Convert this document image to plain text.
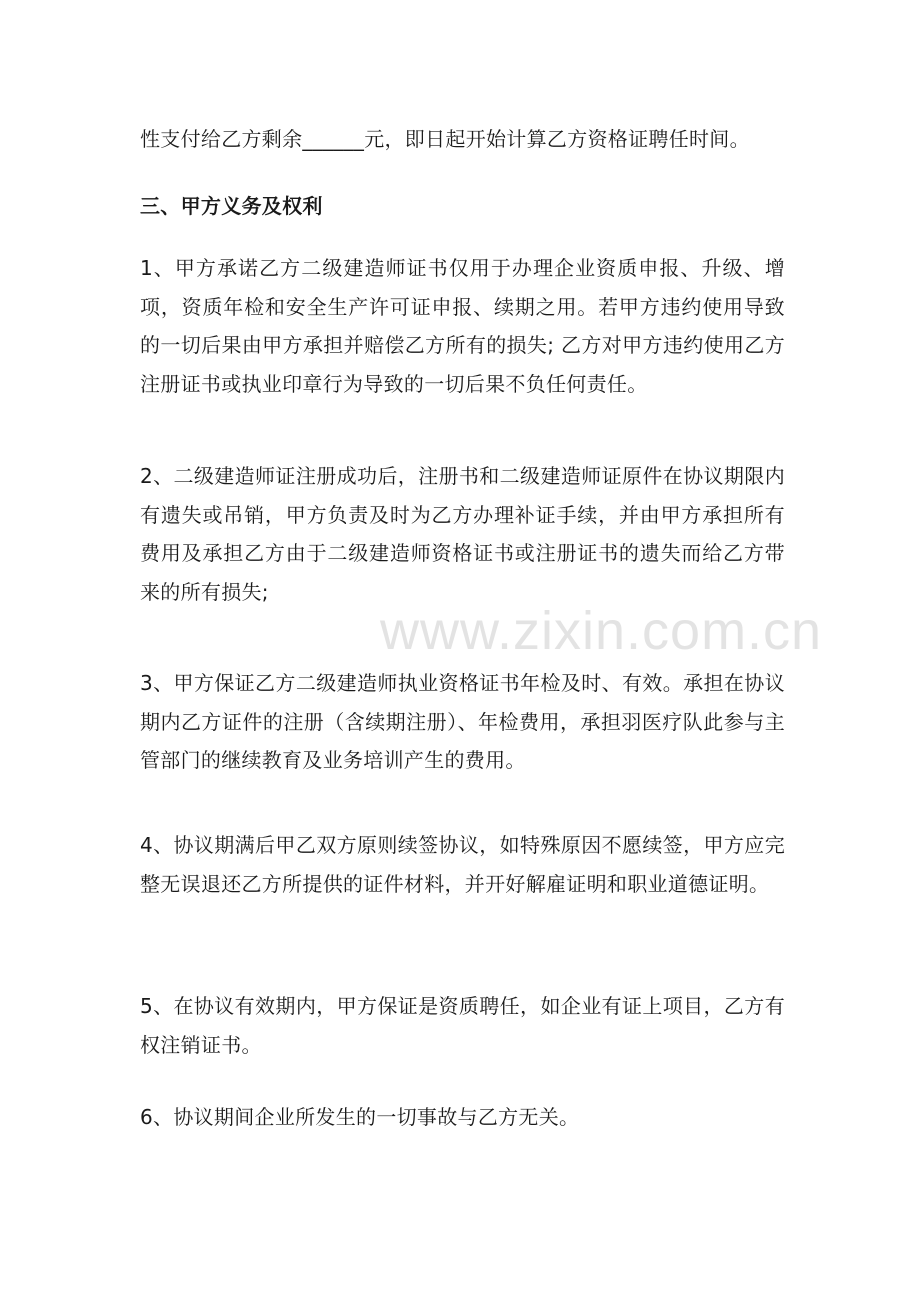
性支付给乙方剩余______元，即日起开始计算乙方资格证聘任时间。

三、甲方义务及权利

1、甲方承诺乙方二级建造师证书仅用于办理企业资质申报、升级、增项，资质年检和安全生产许可证申报、续期之用。若甲方违约使用导致的一切后果由甲方承担并赔偿乙方所有的损失; 乙方对甲方违约使用乙方注册证书或执业印章行为导致的一切后果不负任何责任。

2、二级建造师证注册成功后，注册书和二级建造师证原件在协议期限内有遗失或吊销，甲方负责及时为乙方办理补证手续，并由甲方承担所有费用及承担乙方由于二级建造师资格证书或注册证书的遗失而给乙方带来的所有损失;

3、甲方保证乙方二级建造师执业资格证书年检及时、有效。承担在协议期内乙方证件的注册（含续期注册）、年检费用，承担羽医疗队此参与主管部门的继续教育及业务培训产生的费用。

4、协议期满后甲乙双方原则续签协议，如特殊原因不愿续签，甲方应完整无误退还乙方所提供的证件材料，并开好解雇证明和职业道德证明。

5、在协议有效期内，甲方保证是资质聘任，如企业有证上项目，乙方有权注销证书。

6、协议期间企业所发生的一切事故与乙方无关。

www.zixin.com.cn
